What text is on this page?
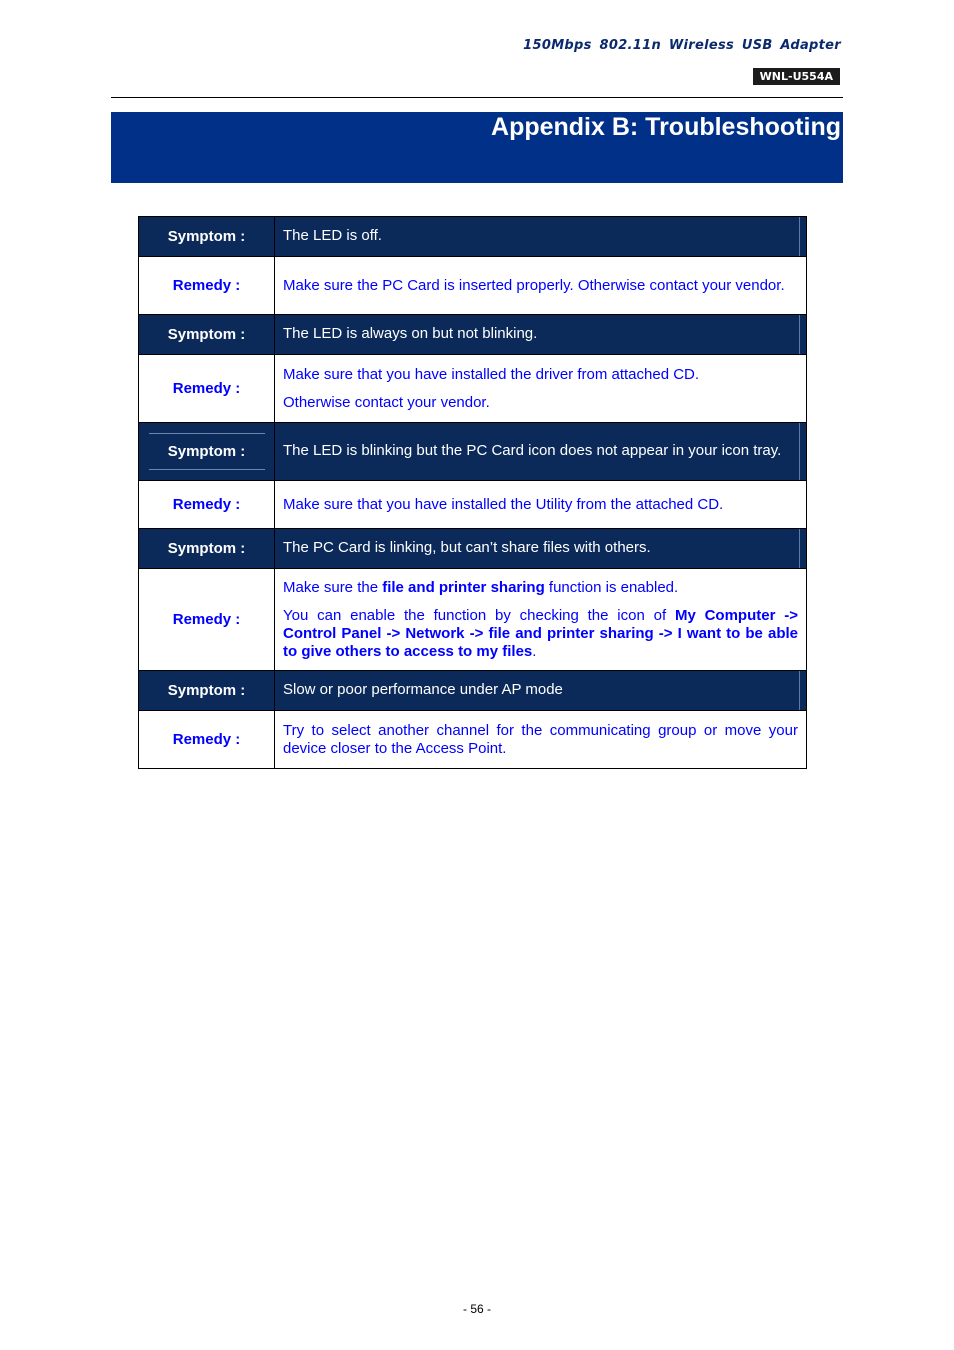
150Mbps 802.11n Wireless USB Adapter
WNL-U554A
Appendix B: Troubleshooting
Symptom :	The LED is off.
Remedy :	Make sure the PC Card is inserted properly. Otherwise contact your vendor.

Symptom :	The LED is always on but not blinking.
Remedy :	Make sure that you have installed the driver from attached CD.
Otherwise contact your vendor.

Symptom :	The LED is blinking but the PC Card icon does not appear in your icon tray.
Remedy :	Make sure that you have installed the Utility from the attached CD.

Symptom :	The PC Card is linking, but can’t share files with others.
Remedy :	Make sure the file and printer sharing function is enabled.
You can enable the function by checking the icon of My Computer -> Control Panel -> Network -> file and printer sharing -> I want to be able to give others to access to my files.

Symptom :	Slow or poor performance under AP mode
Remedy :	Try to select another channel for the communicating group or move your device closer to the Access Point.
- 56 -
